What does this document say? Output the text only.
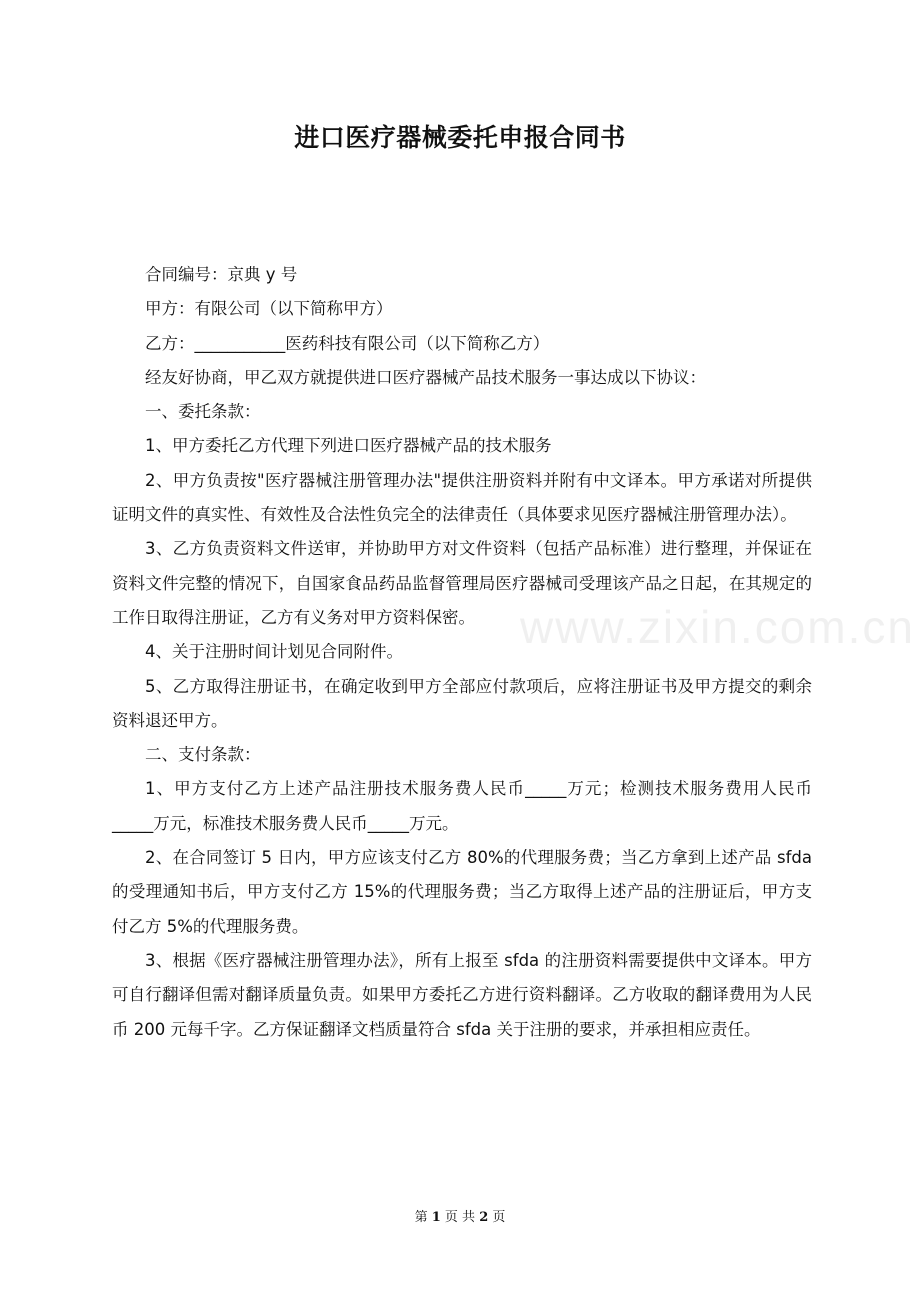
进口医疗器械委托申报合同书

合同编号：京典 y 号

甲方：有限公司（以下简称甲方）

乙方：___________医药科技有限公司（以下简称乙方）

经友好协商，甲乙双方就提供进口医疗器械产品技术服务一事达成以下协议：

一、委托条款：

1、甲方委托乙方代理下列进口医疗器械产品的技术服务

2、甲方负责按"医疗器械注册管理办法"提供注册资料并附有中文译本。甲方承诺对所提供证明文件的真实性、有效性及合法性负完全的法律责任（具体要求见医疗器械注册管理办法）。

3、乙方负责资料文件送审，并协助甲方对文件资料（包括产品标准）进行整理，并保证在资料文件完整的情况下，自国家食品药品监督管理局医疗器械司受理该产品之日起，在其规定的工作日取得注册证，乙方有义务对甲方资料保密。

4、关于注册时间计划见合同附件。

5、乙方取得注册证书，在确定收到甲方全部应付款项后，应将注册证书及甲方提交的剩余资料退还甲方。

二、支付条款：

1、甲方支付乙方上述产品注册技术服务费人民币_____万元；检测技术服务费用人民币_____万元，标准技术服务费人民币_____万元。

2、在合同签订 5 日内，甲方应该支付乙方 80%的代理服务费；当乙方拿到上述产品 sfda 的受理通知书后，甲方支付乙方 15%的代理服务费；当乙方取得上述产品的注册证后，甲方支付乙方 5%的代理服务费。

3、根据《医疗器械注册管理办法》，所有上报至 sfda 的注册资料需要提供中文译本。甲方可自行翻译但需对翻译质量负责。如果甲方委托乙方进行资料翻译。乙方收取的翻译费用为人民币 200 元每千字。乙方保证翻译文档质量符合 sfda 关于注册的要求，并承担相应责任。

www.zixin.com.cn
第 1 页 共 2 页
